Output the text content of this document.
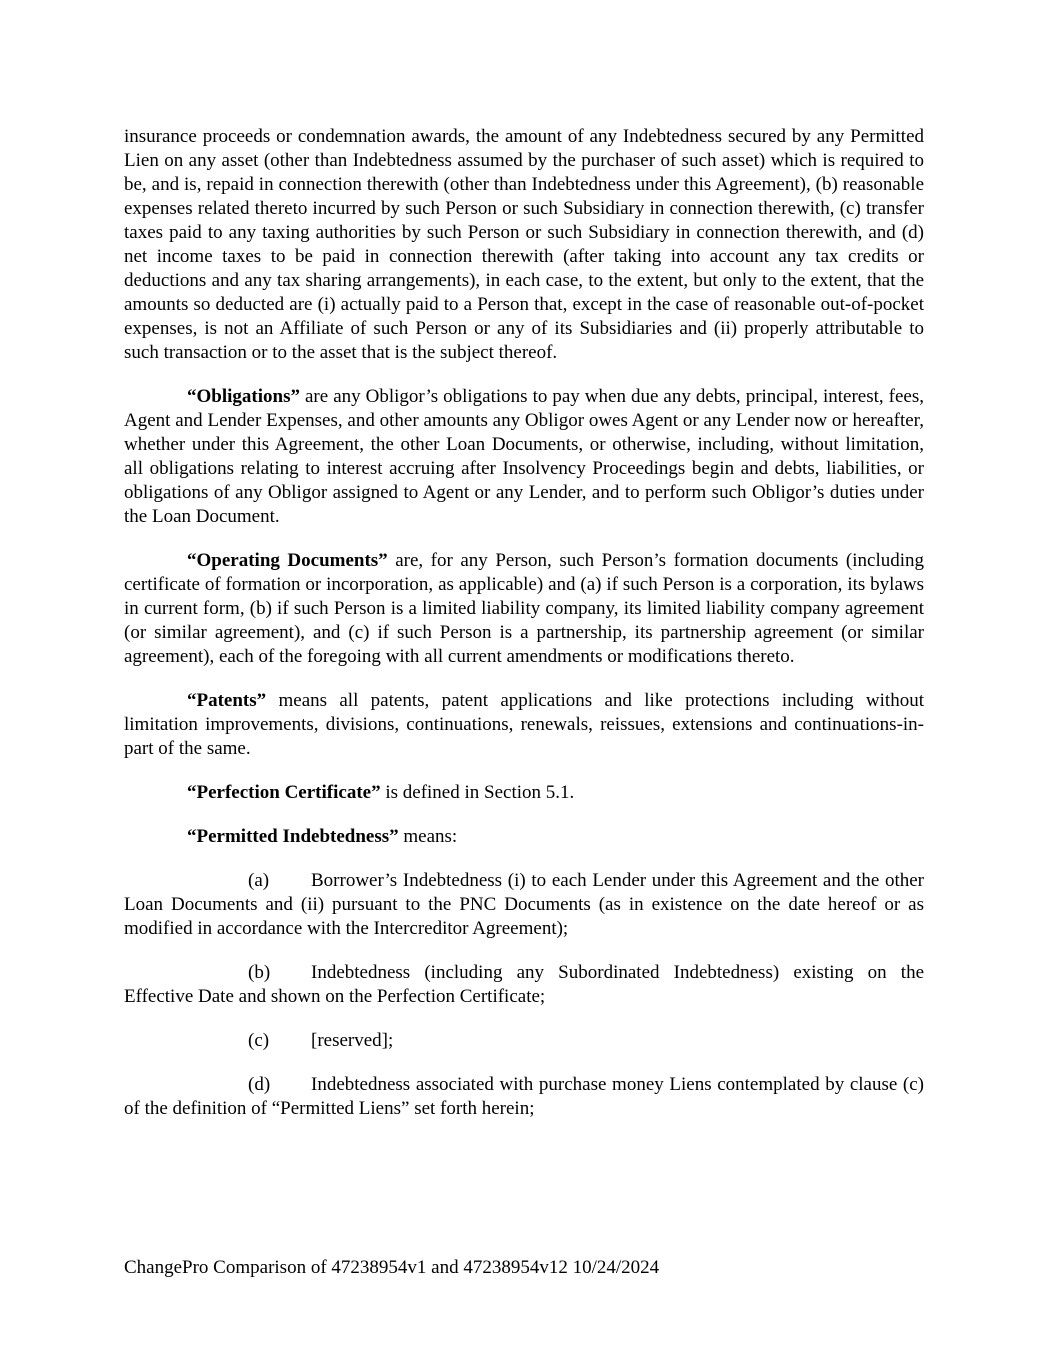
insurance proceeds or condemnation awards, the amount of any Indebtedness secured by any Permitted Lien on any asset (other than Indebtedness assumed by the purchaser of such asset) which is required to be, and is, repaid in connection therewith (other than Indebtedness under this Agreement), (b) reasonable expenses related thereto incurred by such Person or such Subsidiary in connection therewith, (c) transfer taxes paid to any taxing authorities by such Person or such Subsidiary in connection therewith, and (d) net income taxes to be paid in connection therewith (after taking into account any tax credits or deductions and any tax sharing arrangements), in each case, to the extent, but only to the extent, that the amounts so deducted are (i) actually paid to a Person that, except in the case of reasonable out-of-pocket expenses, is not an Affiliate of such Person or any of its Subsidiaries and (ii) properly attributable to such transaction or to the asset that is the subject thereof.

“Obligations” are any Obligor’s obligations to pay when due any debts, principal, interest, fees, Agent and Lender Expenses, and other amounts any Obligor owes Agent or any Lender now or hereafter, whether under this Agreement, the other Loan Documents, or otherwise, including, without limitation, all obligations relating to interest accruing after Insolvency Proceedings begin and debts, liabilities, or obligations of any Obligor assigned to Agent or any Lender, and to perform such Obligor’s duties under the Loan Document.

“Operating Documents” are, for any Person, such Person’s formation documents (including certificate of formation or incorporation, as applicable) and (a) if such Person is a corporation, its bylaws in current form, (b) if such Person is a limited liability company, its limited liability company agreement (or similar agreement), and (c) if such Person is a partnership, its partnership agreement (or similar agreement), each of the foregoing with all current amendments or modifications thereto.

“Patents” means all patents, patent applications and like protections including without limitation improvements, divisions, continuations, renewals, reissues, extensions and continuations-in-part of the same.

“Perfection Certificate” is defined in Section 5.1.

“Permitted Indebtedness” means:

(a) Borrower’s Indebtedness (i) to each Lender under this Agreement and the other Loan Documents and (ii) pursuant to the PNC Documents (as in existence on the date hereof or as modified in accordance with the Intercreditor Agreement);

(b) Indebtedness (including any Subordinated Indebtedness) existing on the Effective Date and shown on the Perfection Certificate;

(c) [reserved];

(d) Indebtedness associated with purchase money Liens contemplated by clause (c) of the definition of “Permitted Liens” set forth herein;

ChangePro Comparison of 47238954v1 and 47238954v12 10/24/2024
